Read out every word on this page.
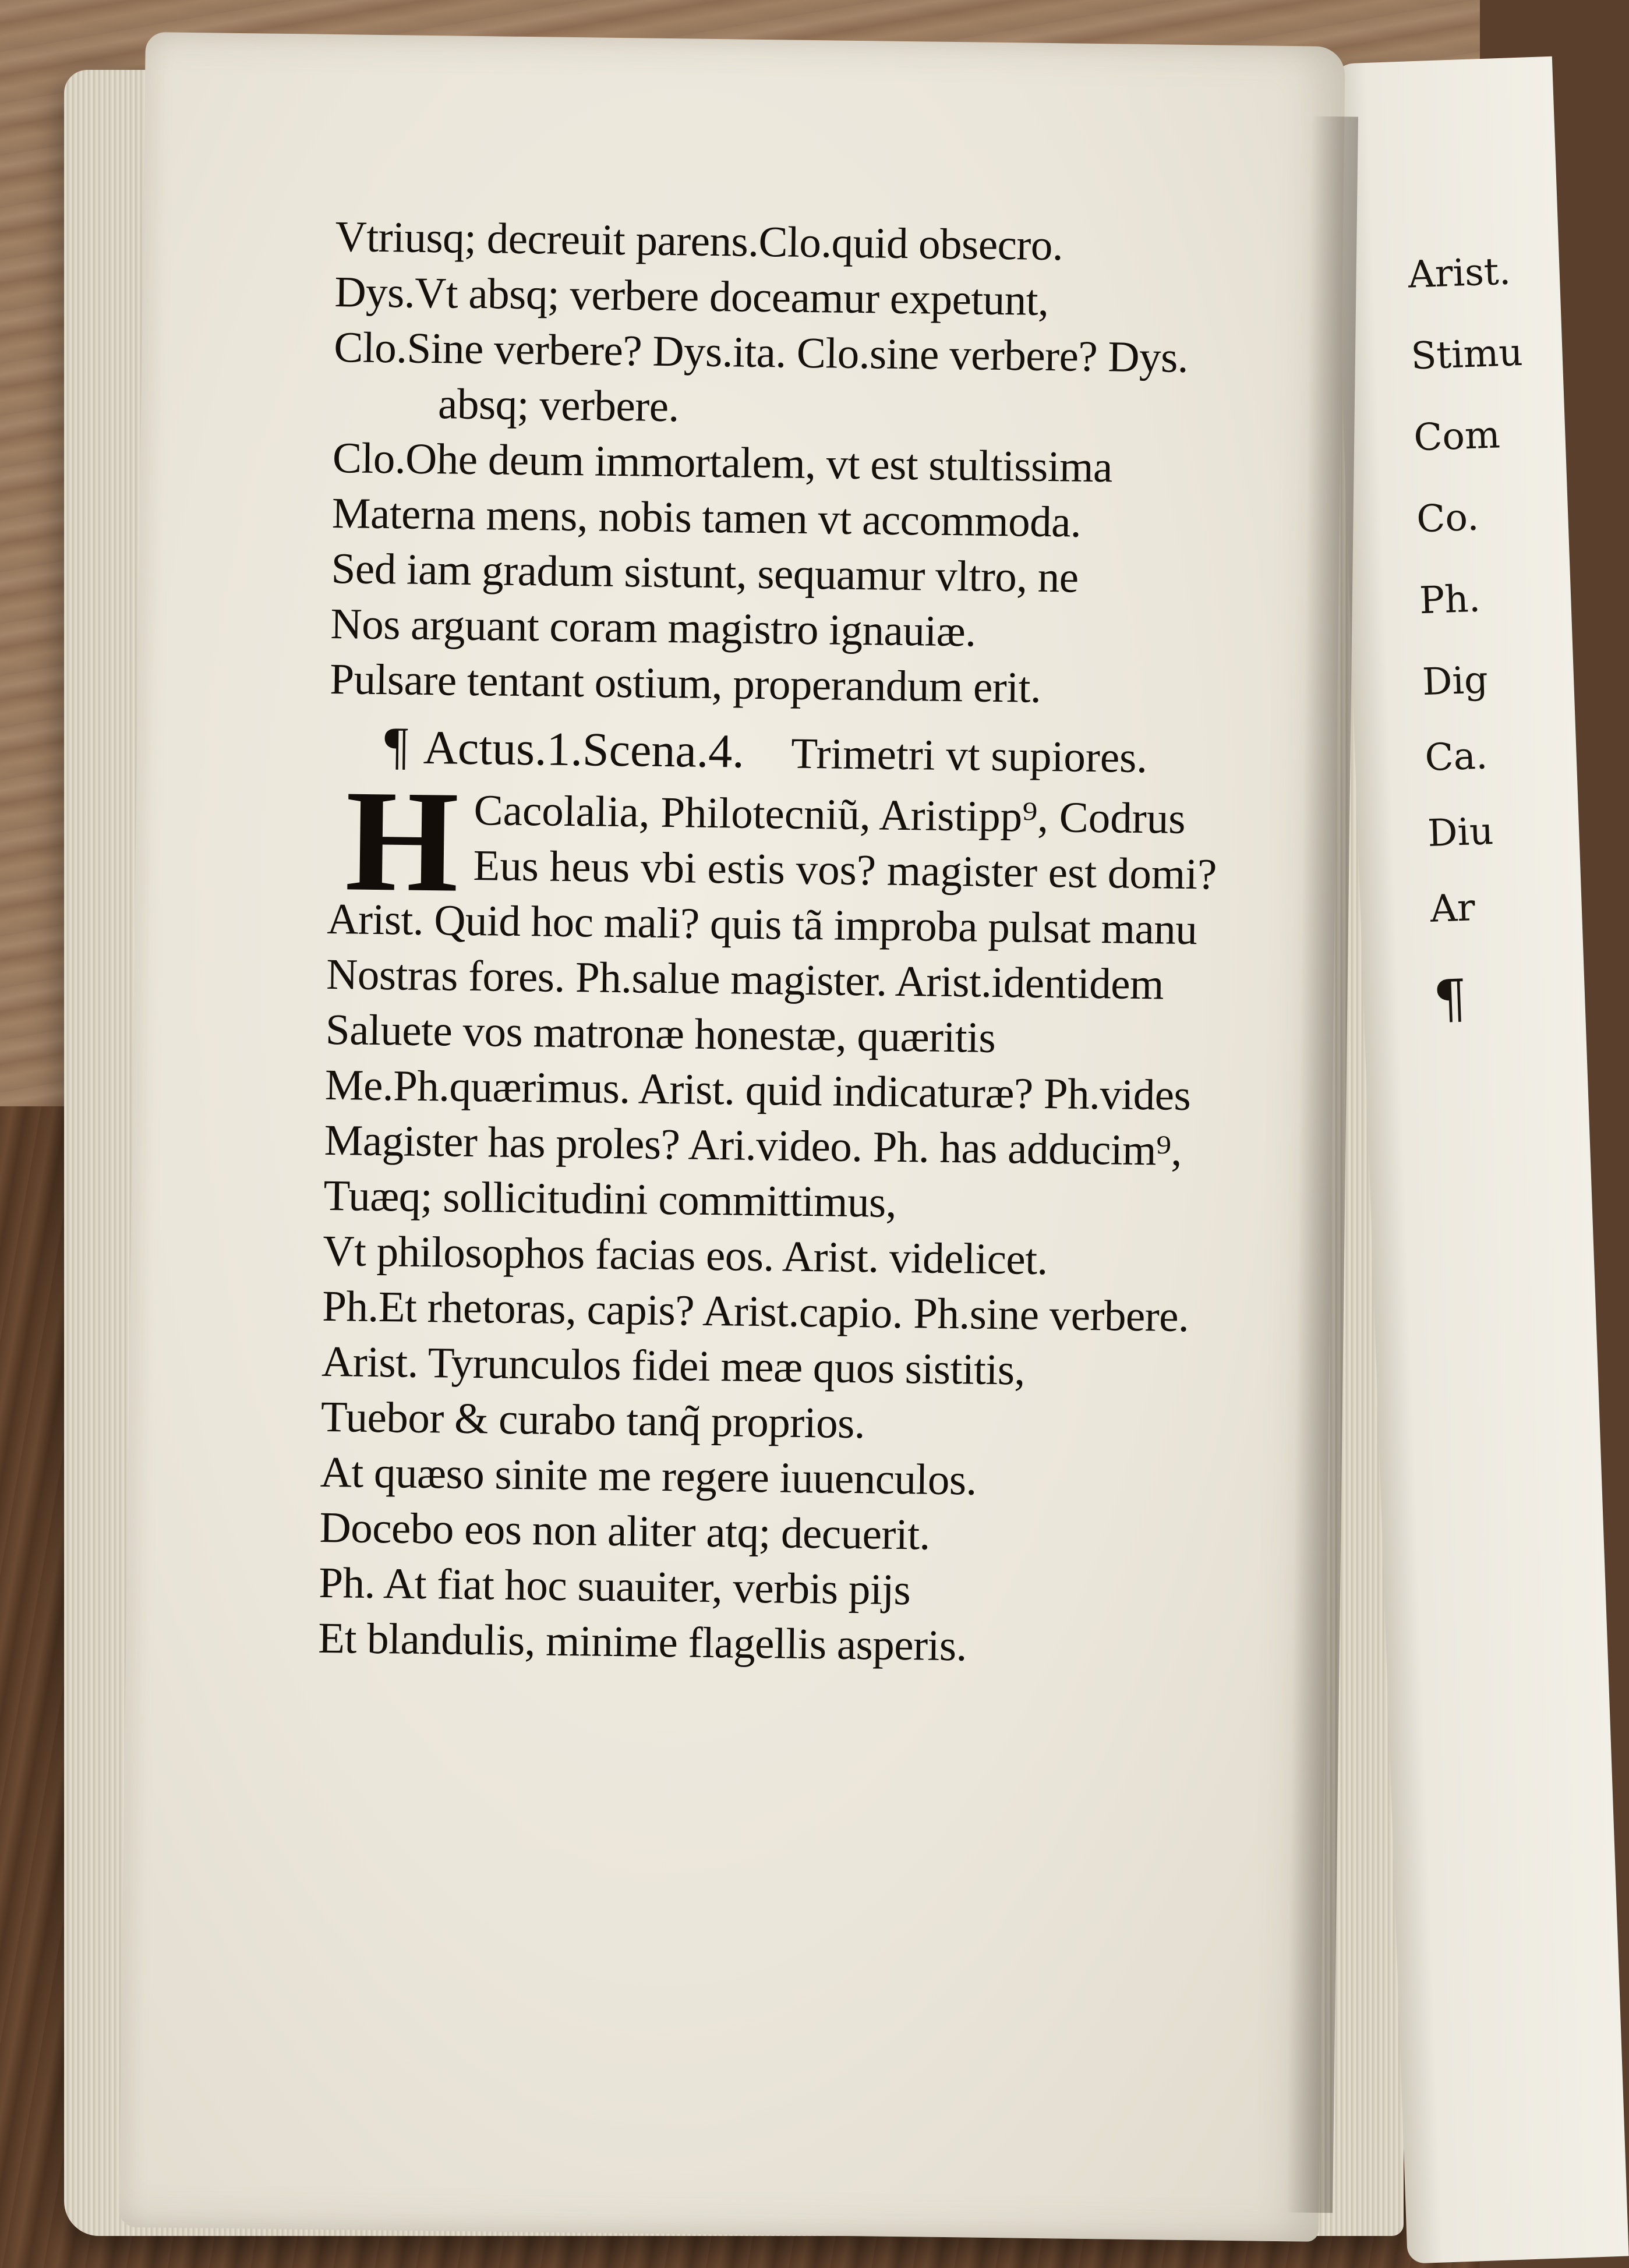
Arist.
Stimu
Com
Co.
Ph.
Dig
Ca.
Diu
Ar
¶
Vtriusq; decreuit parens.Clo.quid obsecro.
Dys.Vt absq; verbere doceamur expetunt,
Clo.Sine verbere? Dys.ita. Clo.sine verbere? Dys.
absq; verbere.
Clo.Ohe deum immortalem, vt est stultissima
Materna mens, nobis tamen vt accommoda.
Sed iam gradum sistunt, sequamur vltro, ne
Nos arguant coram magistro ignauiæ.
Pulsare tentant ostium, properandum erit.
¶ Actus.1.Scena.4. Trimetri vt supiores.
H Cacolalia, Philotecniũ, Aristipp⁹, Codrus
Eus heus vbi estis vos? magister est domi?
Arist. Quid hoc mali? quis tã improba pulsat manu
Nostras fores. Ph.salue magister. Arist.identidem
Saluete vos matronæ honestæ, quæritis
Me.Ph.quærimus. Arist. quid indicaturæ? Ph.vides
Magister has proles? Ari.video. Ph. has adducim⁹,
Tuæq; sollicitudini committimus,
Vt philosophos facias eos. Arist. videlicet.
Ph.Et rhetoras, capis? Arist.capio. Ph.sine verbere.
Arist. Tyrunculos fidei meæ quos sistitis,
Tuebor & curabo tanq̃ proprios.
At quæso sinite me regere iuuenculos.
Docebo eos non aliter atq; decuerit.
Ph. At fiat hoc suauiter, verbis pijs
Et blandulis, minime flagellis asperis.
